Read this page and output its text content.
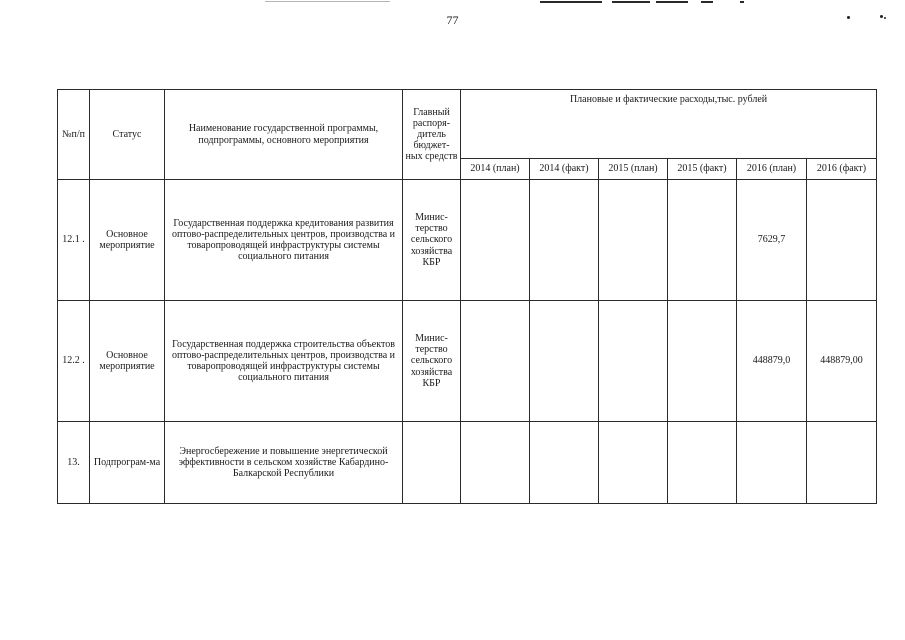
77
№п/п	Статус	Наименование государственной программы, подпрограммы, основного мероприятия	Главный распоря-дитель бюджет-ных средств	Плановые и фактические расходы,тыс. рублей					
				2014 (план)	2014 (факт)	2015 (план)	2015 (факт)	2016 (план)	2016 (факт)
12.1 .	Основное мероприятие	Государственная поддержка кредитования развития оптово-распределительных центров, производства и товаропроводящей инфраструктуры системы социального питания	Минис-терство сельского хозяйства КБР					7629,7	
12.2 .	Основное мероприятие	Государственная поддержка строительства объектов оптово-распределительных центров, производства и товаропроводящей инфраструктуры системы социального питания	Минис-терство сельского хозяйства КБР					448879,0	448879,00
13.	Подпрограм-ма	Энергосбережение и повышение энергетической эффективности в сельском хозяйстве Кабардино-Балкарской Республики							
